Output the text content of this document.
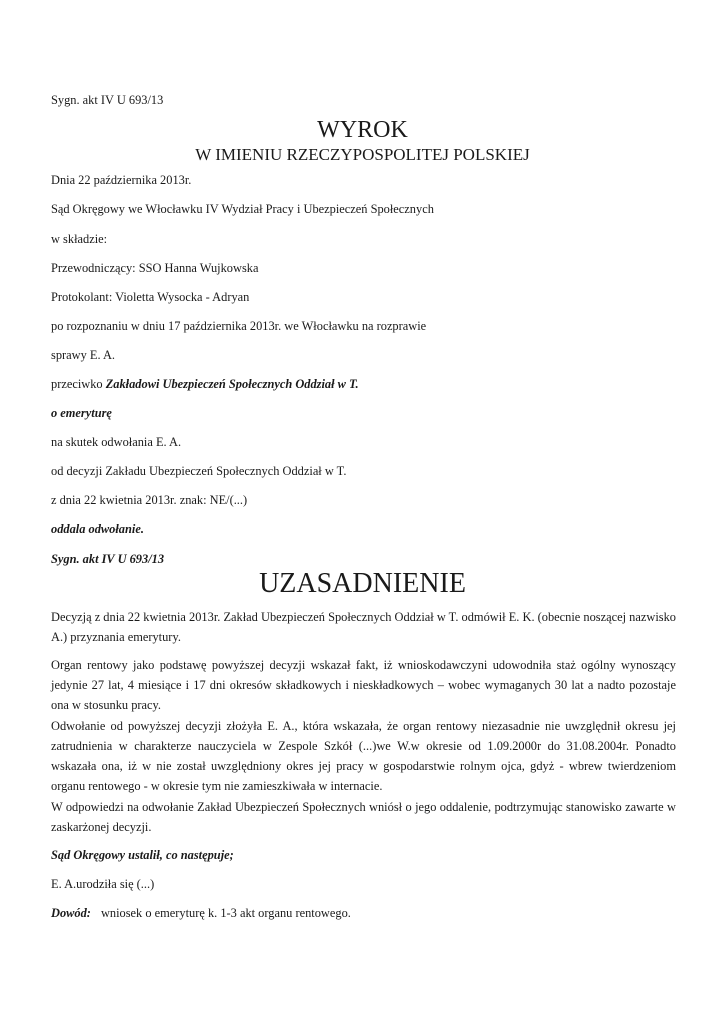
Sygn. akt IV U 693/13

WYROK
W IMIENIU RZECZYPOSPOLITEJ POLSKIEJ

Dnia 22 października 2013r.

Sąd Okręgowy we Włocławku IV Wydział Pracy i Ubezpieczeń Społecznych

w składzie:

Przewodniczący: SSO Hanna Wujkowska

Protokolant: Violetta Wysocka - Adryan

po rozpoznaniu w dniu 17 października 2013r. we Włocławku na rozprawie

sprawy E. A.

przeciwko Zakładowi Ubezpieczeń Społecznych Oddział w T.

o emeryturę

na skutek odwołania E. A.

od decyzji Zakładu Ubezpieczeń Społecznych Oddział w T.

z dnia 22 kwietnia 2013r. znak: NE/(...)

oddala odwołanie.

Sygn. akt IV U 693/13

UZASADNIENIE

Decyzją z dnia 22 kwietnia 2013r. Zakład Ubezpieczeń Społecznych Oddział w T. odmówił E. K. (obecnie noszącej nazwisko A.) przyznania emerytury.

Organ rentowy jako podstawę powyższej decyzji wskazał fakt, iż wnioskodawczyni udowodniła staż ogólny wynoszący jedynie 27 lat, 4 miesiące i 17 dni okresów składkowych i nieskładkowych – wobec wymaganych 30 lat a nadto pozostaje ona w stosunku pracy.

Odwołanie od powyższej decyzji złożyła E. A., która wskazała, że organ rentowy niezasadnie nie uwzględnił okresu jej zatrudnienia w charakterze nauczyciela w Zespole Szkół (...)we W.w okresie od 1.09.2000r do 31.08.2004r. Ponadto wskazała ona, iż w nie został uwzględniony okres jej pracy w gospodarstwie rolnym ojca, gdyż - wbrew twierdzeniom organu rentowego - w okresie tym nie zamieszkiwała w internacie.

W odpowiedzi na odwołanie Zakład Ubezpieczeń Społecznych wniósł o jego oddalenie, podtrzymując stanowisko zawarte w zaskarżonej decyzji.

Sąd Okręgowy ustalił, co następuje;

E. A.urodziła się (...)

Dowód: wniosek o emeryturę k. 1-3 akt organu rentowego.
